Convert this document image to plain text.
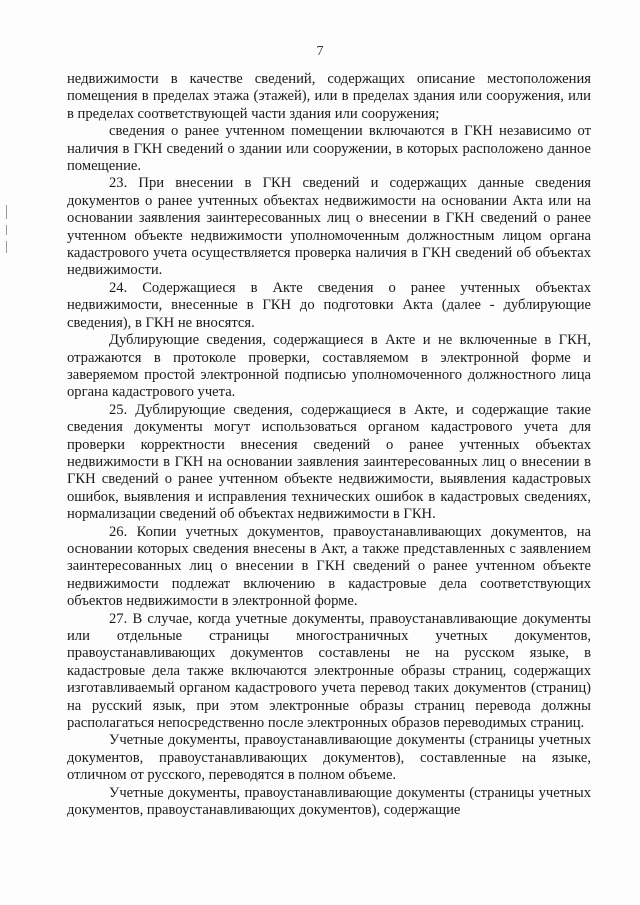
7

недвижимости в качестве сведений, содержащих описание местоположения помещения в пределах этажа (этажей), или в пределах здания или сооружения, или в пределах соответствующей части здания или сооружения;

сведения о ранее учтенном помещении включаются в ГКН независимо от наличия в ГКН сведений о здании или сооружении, в которых расположено данное помещение.

23. При внесении в ГКН сведений и содержащих данные сведения документов о ранее учтенных объектах недвижимости на основании Акта или на основании заявления заинтересованных лиц о внесении в ГКН сведений о ранее учтенном объекте недвижимости уполномоченным должностным лицом органа кадастрового учета осуществляется проверка наличия в ГКН сведений об объектах недвижимости.

24. Содержащиеся в Акте сведения о ранее учтенных объектах недвижимости, внесенные в ГКН до подготовки Акта (далее - дублирующие сведения), в ГКН не вносятся.

Дублирующие сведения, содержащиеся в Акте и не включенные в ГКН, отражаются в протоколе проверки, составляемом в электронной форме и заверяемом простой электронной подписью уполномоченного должностного лица органа кадастрового учета.

25. Дублирующие сведения, содержащиеся в Акте, и содержащие такие сведения документы могут использоваться органом кадастрового учета для проверки корректности внесения сведений о ранее учтенных объектах недвижимости в ГКН на основании заявления заинтересованных лиц о внесении в ГКН сведений о ранее учтенном объекте недвижимости, выявления кадастровых ошибок, выявления и исправления технических ошибок в кадастровых сведениях, нормализации сведений об объектах недвижимости в ГКН.

26. Копии учетных документов, правоустанавливающих документов, на основании которых сведения внесены в Акт, а также представленных с заявлением заинтересованных лиц о внесении в ГКН сведений о ранее учтенном объекте недвижимости подлежат включению в кадастровые дела соответствующих объектов недвижимости в электронной форме.

27. В случае, когда учетные документы, правоустанавливающие документы или отдельные страницы многостраничных учетных документов, правоустанавливающих документов составлены не на русском языке, в кадастровые дела также включаются электронные образы страниц, содержащих изготавливаемый органом кадастрового учета перевод таких документов (страниц) на русский язык, при этом электронные образы страниц перевода должны располагаться непосредственно после электронных образов переводимых страниц.

Учетные документы, правоустанавливающие документы (страницы учетных документов, правоустанавливающих документов), составленные на языке, отличном от русского, переводятся в полном объеме.

Учетные документы, правоустанавливающие документы (страницы учетных документов, правоустанавливающих документов), содержащие
